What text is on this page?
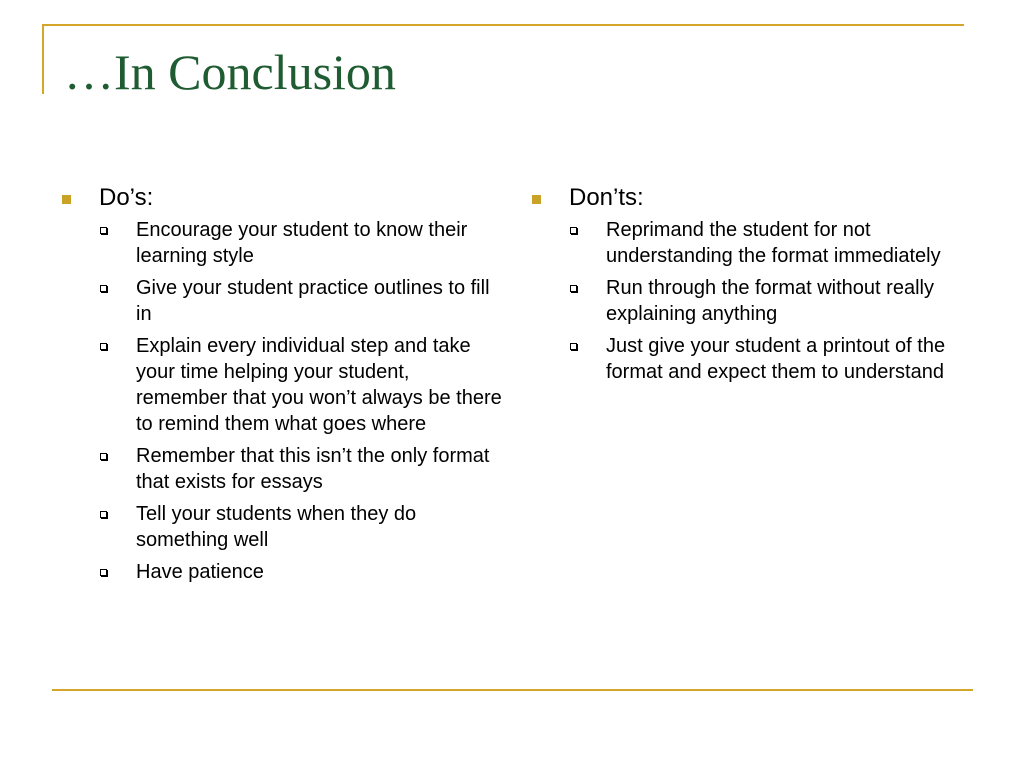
…In Conclusion
Do’s:
Encourage your student to know their learning style
Give your student practice outlines to fill in
Explain every individual step and take your time helping your student, remember that you won’t always be there to remind them what goes where
Remember that this isn’t the only format that exists for essays
Tell your students when they do something well
Have patience
Don’ts:
Reprimand the student for not understanding the format immediately
Run through the format without really explaining anything
Just give your student a printout of the format and expect them to understand
